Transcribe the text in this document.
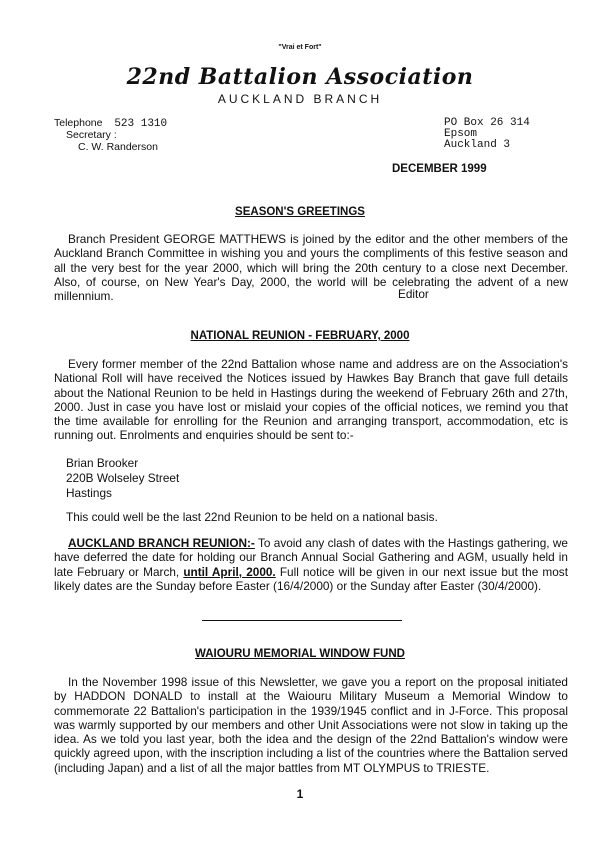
"Vrai et Fort"
22nd Battalion Association
AUCKLAND BRANCH
Telephone 523 1310
Secretary :
C. W. Randerson
PO Box 26 314
Epsom
Auckland 3
DECEMBER 1999
SEASON'S GREETINGS

Branch President GEORGE MATTHEWS is joined by the editor and the other members of the Auckland Branch Committee in wishing you and yours the compliments of this festive season and all the very best for the year 2000, which will bring the 20th century to a close next December. Also, of course, on New Year's Day, 2000, the world will be celebrating the advent of a new millennium.	Editor
NATIONAL REUNION - FEBRUARY, 2000

Every former member of the 22nd Battalion whose name and address are on the Association's National Roll will have received the Notices issued by Hawkes Bay Branch that gave full details about the National Reunion to be held in Hastings during the weekend of February 26th and 27th, 2000. Just in case you have lost or mislaid your copies of the official notices, we remind you that the time available for enrolling for the Reunion and arranging transport, accommodation, etc is running out. Enrolments and enquiries should be sent to:-

Brian Brooker
220B Wolseley Street
Hastings
This could well be the last 22nd Reunion to be held on a national basis.

AUCKLAND BRANCH REUNION:- To avoid any clash of dates with the Hastings gathering, we have deferred the date for holding our Branch Annual Social Gathering and AGM, usually held in late February or March, until April, 2000. Full notice will be given in our next issue but the most likely dates are the Sunday before Easter (16/4/2000) or the Sunday after Easter (30/4/2000).

WAIOURU MEMORIAL WINDOW FUND

In the November 1998 issue of this Newsletter, we gave you a report on the proposal initiated by HADDON DONALD to install at the Waiouru Military Museum a Memorial Window to commemorate 22 Battalion's participation in the 1939/1945 conflict and in J-Force. This proposal was warmly supported by our members and other Unit Associations were not slow in taking up the idea. As we told you last year, both the idea and the design of the 22nd Battalion's window were quickly agreed upon, with the inscription including a list of the countries where the Battalion served (including Japan) and a list of all the major battles from MT OLYMPUS to TRIESTE.

1
